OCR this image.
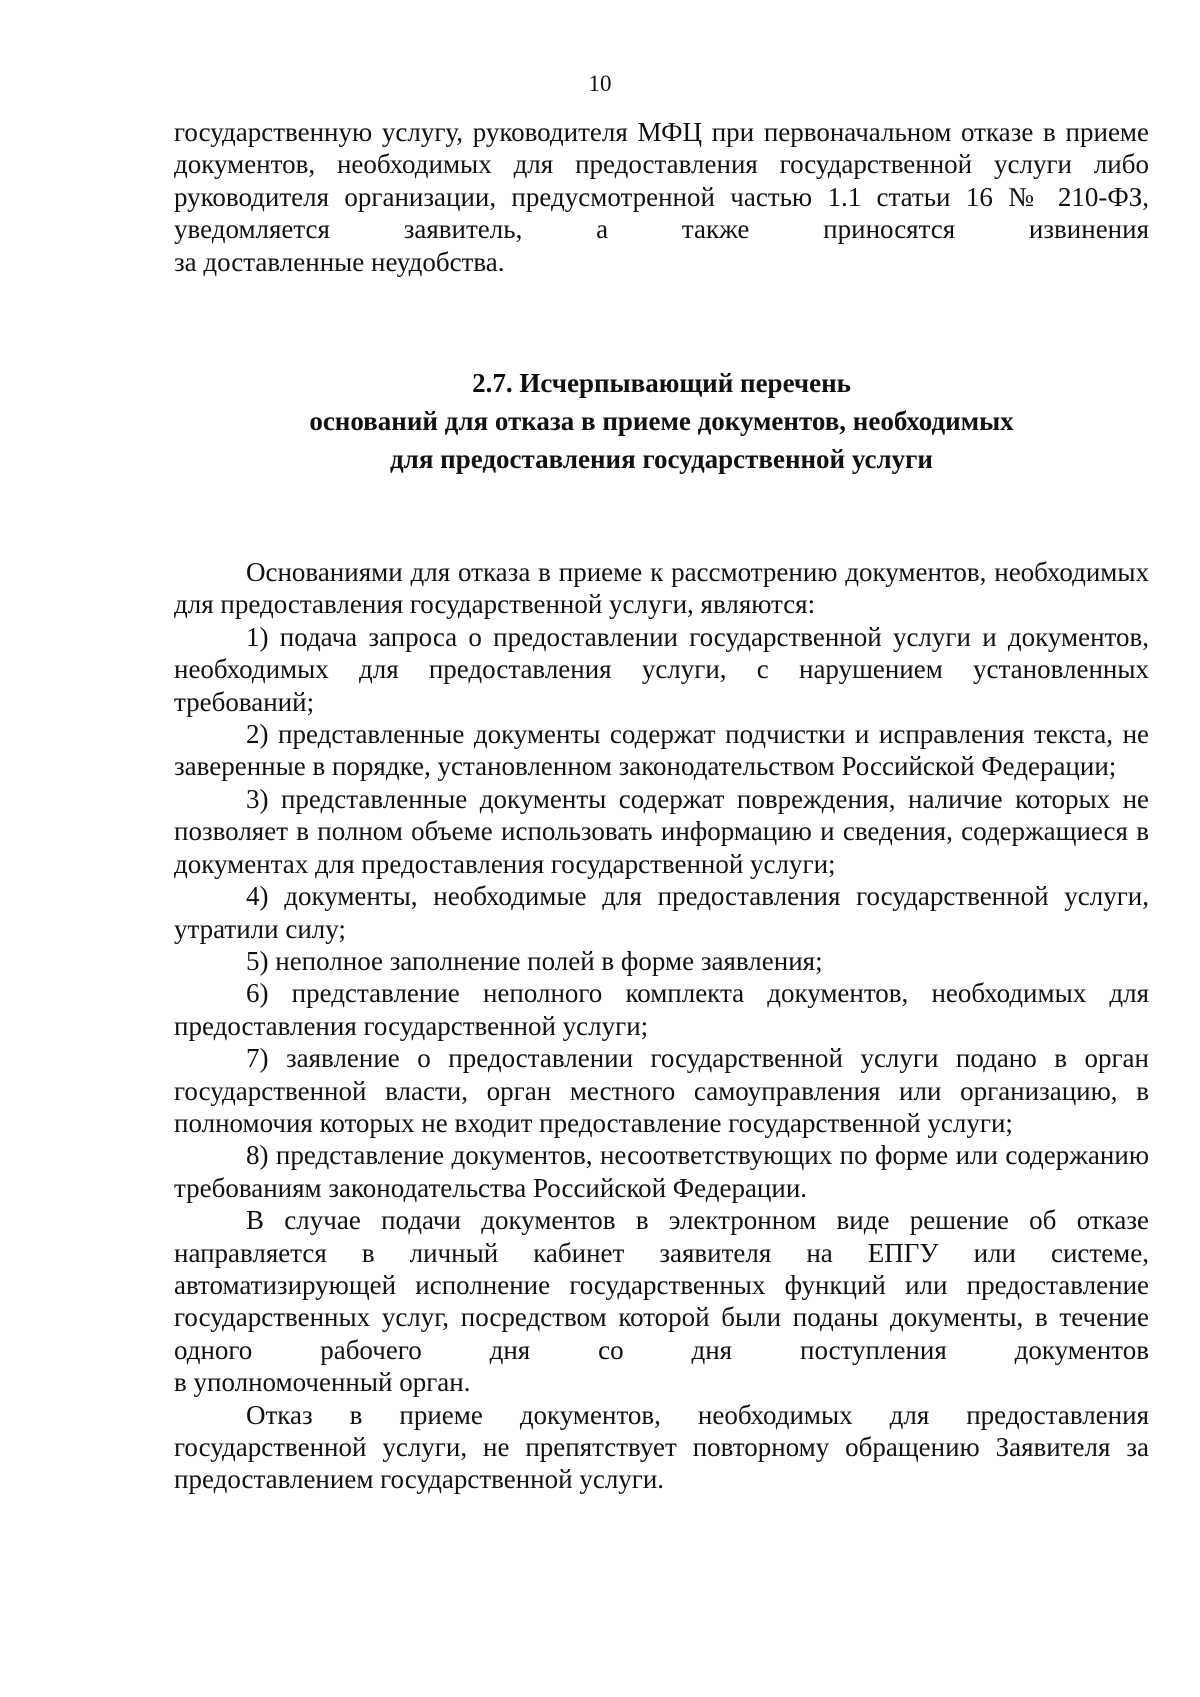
10

государственную услугу, руководителя МФЦ при первоначальном отказе в приеме документов, необходимых для предоставления государственной услуги либо руководителя организации, предусмотренной частью 1.1 статьи 16 № 210-ФЗ, уведомляется заявитель, а также приносятся извинения

за доставленные неудобства.

2.7. Исчерпывающий перечень
оснований для отказа в приеме документов, необходимых
для предоставления государственной услуги

Основаниями для отказа в приеме к рассмотрению документов, необходимых для предоставления государственной услуги, являются:

1) подача запроса о предоставлении государственной услуги и документов, необходимых для предоставления услуги, с нарушением установленных требований;

2) представленные документы содержат подчистки и исправления текста, не заверенные в порядке, установленном законодательством Российской Федерации;

3) представленные документы содержат повреждения, наличие которых не позволяет в полном объеме использовать информацию и сведения, содержащиеся в документах для предоставления государственной услуги;

4) документы, необходимые для предоставления государственной услуги, утратили силу;

5) неполное заполнение полей в форме заявления;

6) представление неполного комплекта документов, необходимых для предоставления государственной услуги;

7) заявление о предоставлении государственной услуги подано в орган государственной власти, орган местного самоуправления или организацию, в полномочия которых не входит предоставление государственной услуги;

8) представление документов, несоответствующих по форме или содержанию требованиям законодательства Российской Федерации.

В случае подачи документов в электронном виде решение об отказе направляется в личный кабинет заявителя на ЕПГУ или системе, автоматизирующей исполнение государственных функций или предоставление государственных услуг, посредством которой были поданы документы, в течение одного рабочего дня со дня поступления документов

в уполномоченный орган.

Отказ в приеме документов, необходимых для предоставления государственной услуги, не препятствует повторному обращению Заявителя за предоставлением государственной услуги.
